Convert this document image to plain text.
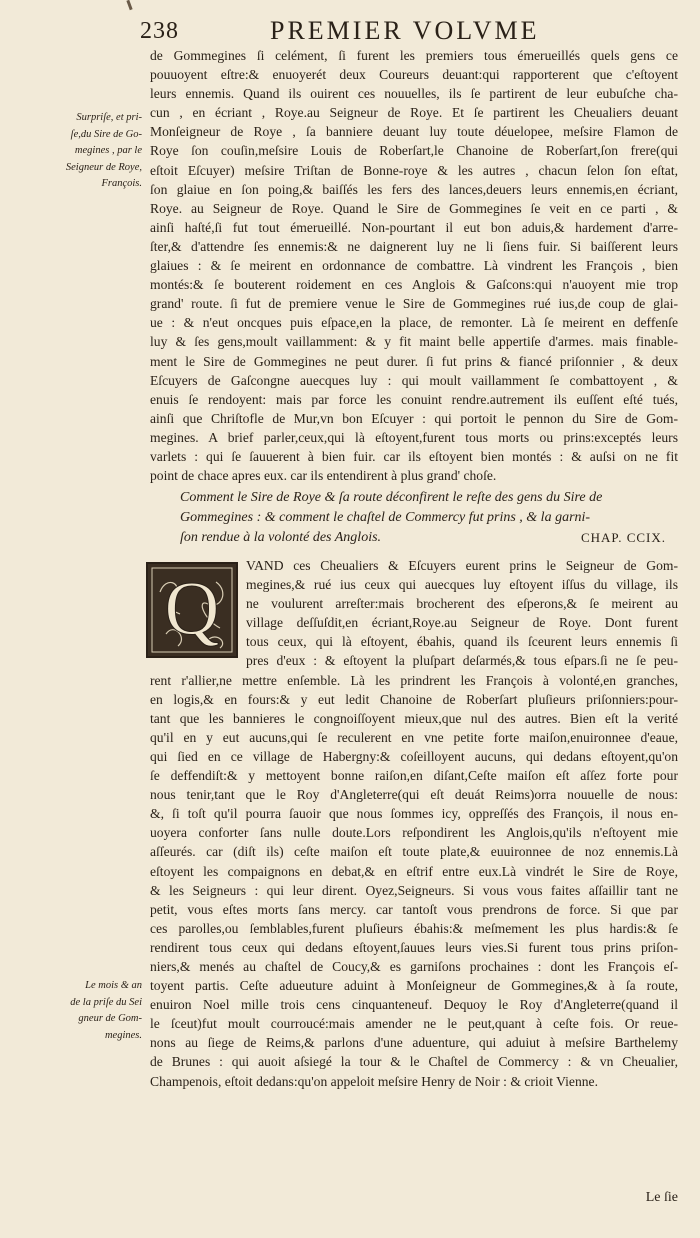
238	PREMIER VOLVME

de Gommegines ſi celément, ſi furent les premiers tous émerueillés quels gens ce

pouuoyent eſtre:& enuoyerét deux Coureurs deuant:qui rapporterent que c'eſtoyent

leurs ennemis. Quand ils ouirent ces nouuelles, ils ſe partirent de leur eubuſche cha-

cun , en écriant , Roye.au Seigneur de Roye. Et ſe partirent les Cheualiers deuant

Monſeigneur de Roye , ſa banniere deuant luy toute déuelopee, meſsire Flamon de

Roye ſon couſin,meſsire Louis de Roberſart,le Chanoine de Roberſart,ſon frere(qui

eſtoit Eſcuyer) meſsire Triſtan de Bonne-roye & les autres , chacun ſelon ſon eſtat,

ſon glaiue en ſon poing,& baiſſés les fers des lances,deuers leurs ennemis,en écriant,

Roye. au Seigneur de Roye. Quand le Sire de Gommegines ſe veit en ce parti , &

ainſi haſté,ſi fut tout émerueillé. Non-pourtant il eut bon aduis,& hardement d'arre-

ſter,& d'attendre ſes ennemis:& ne daignerent luy ne li ſiens fuir. Si baiſſerent leurs

glaiues : & ſe meirent en ordonnance de combattre. Là vindrent les François , bien

montés:& ſe bouterent roidement en ces Anglois & Gaſcons:qui n'auoyent mie trop

grand' route. ſi fut de premiere venue le Sire de Gommegines rué ius,de coup de glai-

ue : & n'eut oncques puis eſpace,en la place, de remonter. Là ſe meirent en deffenſe

luy & ſes gens,moult vaillamment: & y fit maint belle appertiſe d'armes. mais finable-

ment le Sire de Gommegines ne peut durer. ſi fut prins & fiancé priſonnier , & deux

Eſcuyers de Gaſcongne auecques luy : qui moult vaillamment ſe combattoyent , &

enuis ſe rendoyent: mais par force les conuint rendre.autrement ils euſſent eſté tués,

ainſi que Chriſtofle de Mur,vn bon Eſcuyer : qui portoit le pennon du Sire de Gom-

megines. A brief parler,ceux,qui là eſtoyent,furent tous morts ou prins:exceptés leurs

varlets : qui ſe ſauuerent à bien fuir. car ils eſtoyent bien montés : & auſsi on ne fit

point de chace apres eux. car ils entendirent à plus grand' choſe.

Surpriſe, et pri-
ſe,du Sire de Go-
megines , par le
Seigneur de Roye,
François.

Comment le Sire de Roye & ſa route déconfirent le reſte des gens du Sire de

Gommegines : & comment le chaſtel de Commercy fut prins , & la garni-

ſon rendue à la volonté des Anglois.	CHAP. CCIX.
Q

VAND ces Cheualiers & Eſcuyers eurent prins le Seigneur de Gom-

megines,& rué ius ceux qui auecques luy eſtoyent iſſus du village, ils

ne voulurent arreſter:mais brocherent des eſperons,& ſe meirent au

village deſſuſdit,en écriant,Roye.au Seigneur de Roye. Dont furent

tous ceux, qui là eſtoyent, ébahis, quand ils ſceurent leurs ennemis ſi

pres d'eux : & eſtoyent la pluſpart deſarmés,& tous eſpars.ſi ne ſe peu-

rent r'allier,ne mettre enſemble. Là les prindrent les François à volonté,en granches,

en logis,& en fours:& y eut ledit Chanoine de Roberſart pluſieurs priſonniers:pour-

tant que les bannieres le congnoiſſoyent mieux,que nul des autres. Bien eſt la verité

qu'il en y eut aucuns,qui ſe reculerent en vne petite forte maiſon,enuironnee d'eaue,

qui ſied en ce village de Habergny:& coſeilloyent aucuns, qui dedans eſtoyent,qu'on

ſe deffendiſt:& y mettoyent bonne raiſon,en diſant,Ceſte maiſon eſt aſſez forte pour

nous tenir,tant que le Roy d'Angleterre(qui eſt deuát Reims)orra nouuelle de nous:

&, ſi toſt qu'il pourra ſauoir que nous ſommes icy, oppreſſés des François, il nous en-

uoyera conforter ſans nulle doute.Lors reſpondirent les Anglois,qu'ils n'eſtoyent mie

aſſeurés. car (diſt ils) ceſte maiſon eſt toute plate,& euuironnee de noz ennemis.Là

eſtoyent les compaignons en debat,& en eſtrif entre eux.Là vindrét le Sire de Roye,

& les Seigneurs : qui leur dirent. Oyez,Seigneurs. Si vous vous faites aſſaillir tant ne

petit, vous eſtes morts ſans mercy. car tantoſt vous prendrons de force. Si que par

ces parolles,ou ſemblables,furent pluſieurs ébahis:& meſmement les plus hardis:& ſe

rendirent tous ceux qui dedans eſtoyent,ſauues leurs vies.Si furent tous prins priſon-

niers,& menés au chaſtel de Coucy,& es garniſons prochaines : dont les François eſ-

toyent partis. Ceſte adueuture aduint à Monſeigneur de Gommegines,& à ſa route,

enuiron Noel mille trois cens cinquanteneuf. Dequoy le Roy d'Angleterre(quand il

le ſceut)fut moult courroucé:mais amender ne le peut,quant à ceſte fois. Or reue-

nons au ſiege de Reims,& parlons d'une aduenture, qui aduiut à meſsire Barthelemy

de Brunes : qui auoit aſsiegé la tour & le Chaſtel de Commercy : & vn Cheualier,

Champenois, eſtoit dedans:qu'on appeloit meſsire Henry de Noir : & crioit Vienne.

Le mois & an
de la priſe du Sei
gneur de Gom-
megines.
Le ſie
